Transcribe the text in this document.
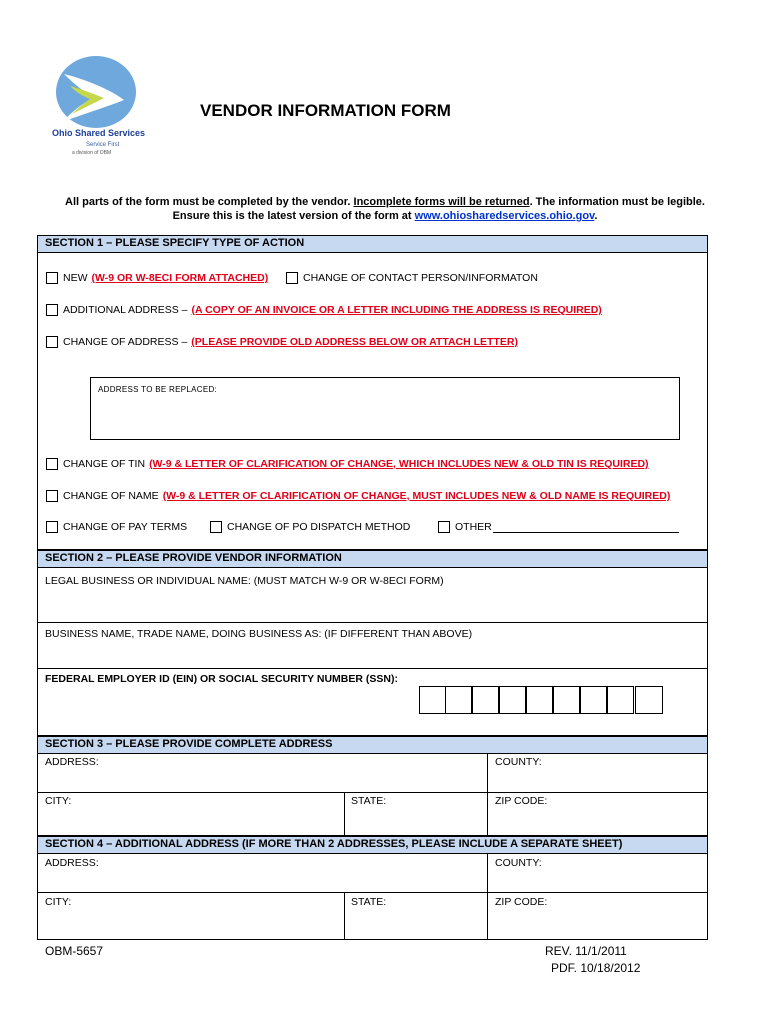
Ohio Shared Services
Service First
a division of OBM
VENDOR INFORMATION FORM
All parts of the form must be completed by the vendor. Incomplete forms will be returned. The information must be legible.
Ensure this is the latest version of the form at www.ohiosharedservices.ohio.gov.
SECTION 1 – PLEASE SPECIFY TYPE OF ACTION
NEW (W-9 OR W-8ECI FORM ATTACHED)	CHANGE OF CONTACT PERSON/INFORMATON
ADDITIONAL ADDRESS – (A COPY OF AN INVOICE OR A LETTER INCLUDING THE ADDRESS IS REQUIRED)
CHANGE OF ADDRESS – (PLEASE PROVIDE OLD ADDRESS BELOW OR ATTACH LETTER)
ADDRESS TO BE REPLACED:
CHANGE OF TIN (W-9 & LETTER OF CLARIFICATION OF CHANGE, WHICH INCLUDES NEW & OLD TIN IS REQUIRED)
CHANGE OF NAME (W-9 & LETTER OF CLARIFICATION OF CHANGE, MUST INCLUDES NEW & OLD NAME IS REQUIRED)
CHANGE OF PAY TERMS	CHANGE OF PO DISPATCH METHOD	OTHER
SECTION 2 – PLEASE PROVIDE VENDOR INFORMATION
LEGAL BUSINESS OR INDIVIDUAL NAME: (MUST MATCH W-9 OR W-8ECI FORM)
BUSINESS NAME, TRADE NAME, DOING BUSINESS AS: (IF DIFFERENT THAN ABOVE)
FEDERAL EMPLOYER ID (EIN) OR SOCIAL SECURITY NUMBER (SSN):
SECTION 3 – PLEASE PROVIDE COMPLETE ADDRESS
ADDRESS:	COUNTY:
CITY:	STATE:	ZIP CODE:
SECTION 4 – ADDITIONAL ADDRESS (IF MORE THAN 2 ADDRESSES, PLEASE INCLUDE A SEPARATE SHEET)
ADDRESS:	COUNTY:
CITY:	STATE:	ZIP CODE:
OBM-5657	REV. 11/1/2011
PDF. 10/18/2012
